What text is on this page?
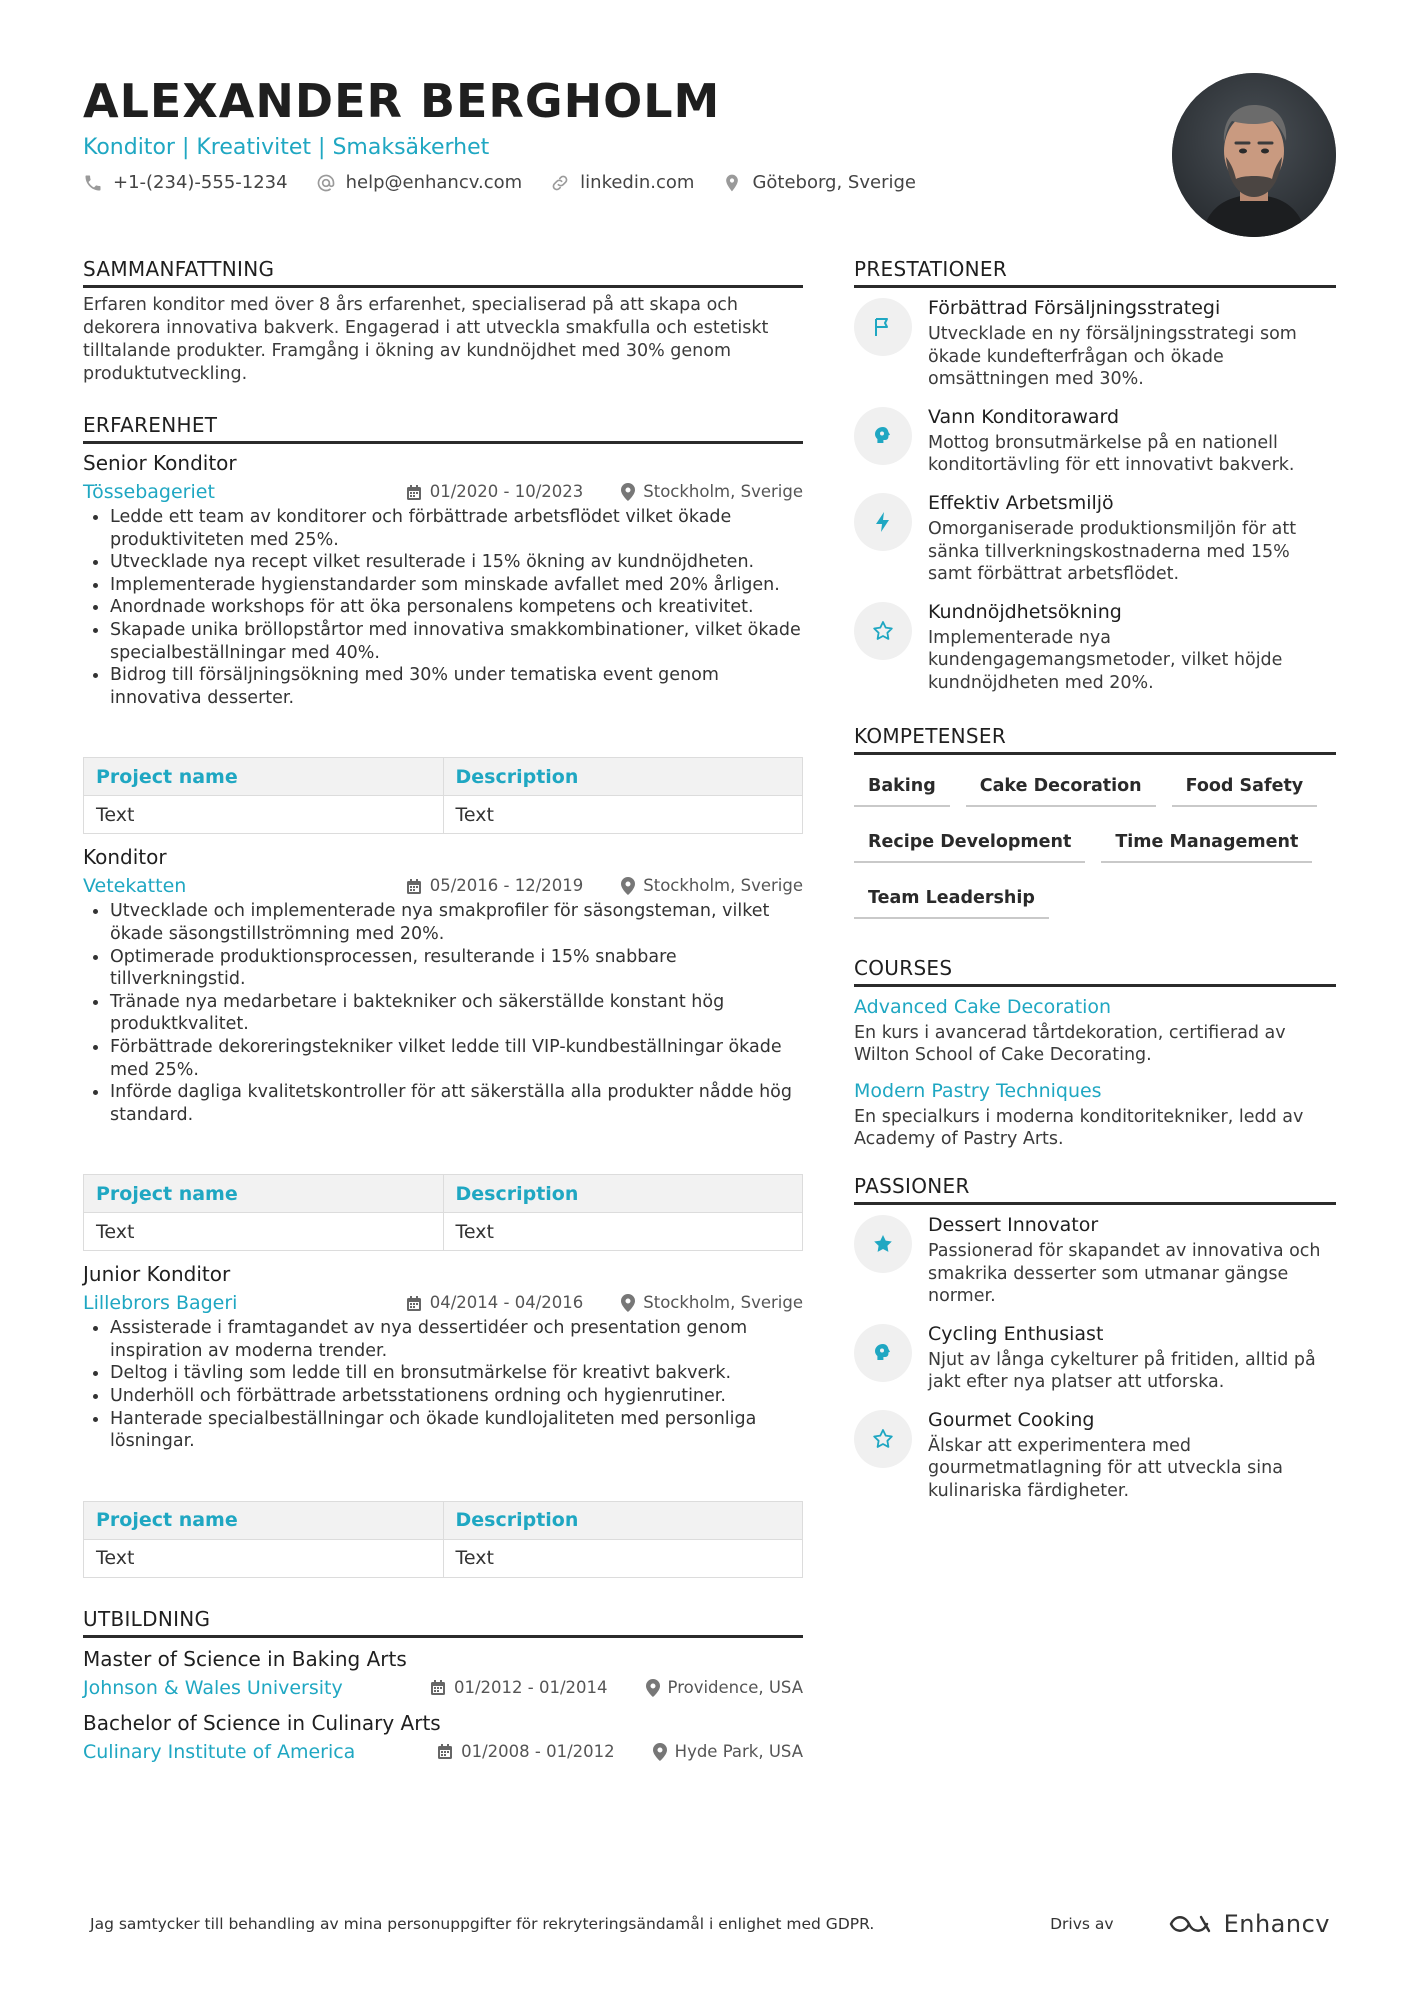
ALEXANDER BERGHOLM
Konditor | Kreativitet | Smaksäkerhet
+1-(234)-555-1234	help@enhancv.com	linkedin.com	Göteborg, Sverige
SAMMANFATTNING
Erfaren konditor med över 8 års erfarenhet, specialiserad på att skapa och dekorera innovativa bakverk. Engagerad i att utveckla smakfulla och estetiskt tilltalande produkter. Framgång i ökning av kundnöjdhet med 30% genom produktutveckling.
ERFARENHET
Senior Konditor
Tössebageriet	01/2020 - 10/2023	Stockholm, Sverige
Ledde ett team av konditorer och förbättrade arbetsflödet vilket ökade produktiviteten med 25%.
Utvecklade nya recept vilket resulterade i 15% ökning av kundnöjdheten.
Implementerade hygienstandarder som minskade avfallet med 20% årligen.
Anordnade workshops för att öka personalens kompetens och kreativitet.
Skapade unika bröllopstårtor med innovativa smakkombinationer, vilket ökade specialbeställningar med 40%.
Bidrog till försäljningsökning med 30% under tematiska event genom innovativa desserter.
Project name	Description
Text	Text
Konditor
Vetekatten	05/2016 - 12/2019	Stockholm, Sverige
Utvecklade och implementerade nya smakprofiler för säsongsteman, vilket ökade säsongstillströmning med 20%.
Optimerade produktionsprocessen, resulterande i 15% snabbare tillverkningstid.
Tränade nya medarbetare i baktekniker och säkerställde konstant hög produktkvalitet.
Förbättrade dekoreringstekniker vilket ledde till VIP-kundbeställningar ökade med 25%.
Införde dagliga kvalitetskontroller för att säkerställa alla produkter nådde hög standard.
Project name	Description
Text	Text
Junior Konditor
Lillebrors Bageri	04/2014 - 04/2016	Stockholm, Sverige
Assisterade i framtagandet av nya dessertidéer och presentation genom inspiration av moderna trender.
Deltog i tävling som ledde till en bronsutmärkelse för kreativt bakverk.
Underhöll och förbättrade arbetsstationens ordning och hygienrutiner.
Hanterade specialbeställningar och ökade kundlojaliteten med personliga lösningar.
Project name	Description
Text	Text
UTBILDNING
Master of Science in Baking Arts
Johnson & Wales University	01/2012 - 01/2014	Providence, USA
Bachelor of Science in Culinary Arts
Culinary Institute of America	01/2008 - 01/2012	Hyde Park, USA
PRESTATIONER
Förbättrad Försäljningsstrategi
Utvecklade en ny försäljningsstrategi som ökade kundefterfrågan och ökade omsättningen med 30%.
Vann Konditoraward
Mottog bronsutmärkelse på en nationell konditortävling för ett innovativt bakverk.
Effektiv Arbetsmiljö
Omorganiserade produktionsmiljön för att sänka tillverkningskostnaderna med 15% samt förbättrat arbetsflödet.
Kundnöjdhetsökning
Implementerade nya kundengagemangsmetoder, vilket höjde kundnöjdheten med 20%.
KOMPETENSER
Baking	Cake Decoration	Food Safety
Recipe Development	Time Management
Team Leadership
COURSES
Advanced Cake Decoration
En kurs i avancerad tårtdekoration, certifierad av Wilton School of Cake Decorating.
Modern Pastry Techniques
En specialkurs i moderna konditoritekniker, ledd av Academy of Pastry Arts.
PASSIONER
Dessert Innovator
Passionerad för skapandet av innovativa och smakrika desserter som utmanar gängse normer.
Cycling Enthusiast
Njut av långa cykelturer på fritiden, alltid på jakt efter nya platser att utforska.
Gourmet Cooking
Älskar att experimentera med gourmetmatlagning för att utveckla sina kulinariska färdigheter.
Jag samtycker till behandling av mina personuppgifter för rekryteringsändamål i enlighet med GDPR.	Drivs av	Enhancv
